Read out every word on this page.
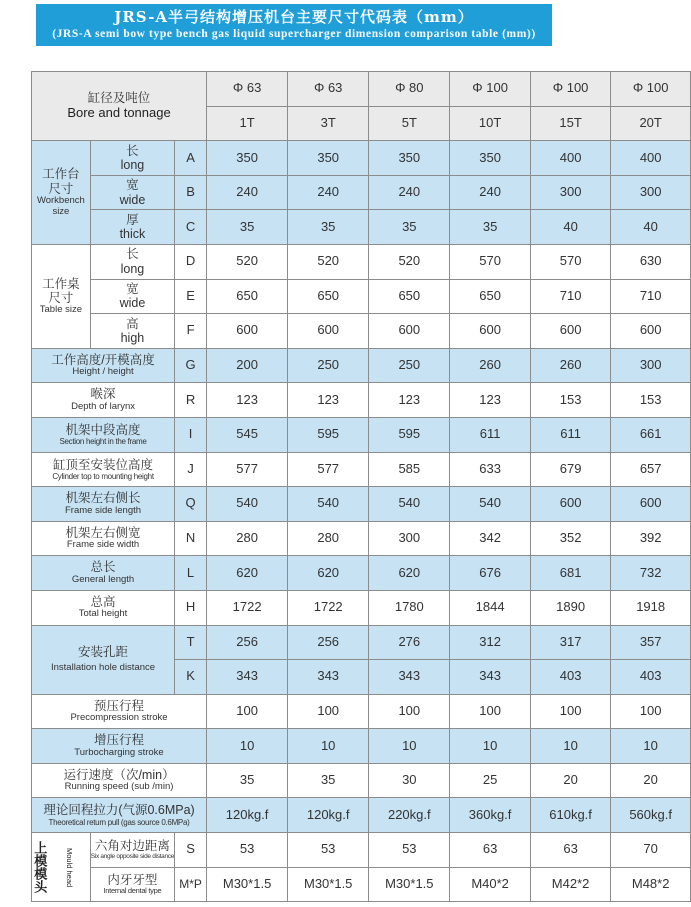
JRS-A半弓结构增压机台主要尺寸代码表（mm）
(JRS-A semi bow type bench gas liquid supercharger dimension comparison table (mm))
缸径及吨位
Bore and tonnage			Φ 63	Φ 63	Φ 80	Φ 100	Φ 100	Φ 100
			1T	3T	5T	10T	15T	20T

工作台
尺寸
Workbench
size	长
long	A	350	350	350	350	400	400

	宽
wide	B	240	240	240	240	300	300

	厚
thick	C	35	35	35	35	40	40

工作桌
尺寸
Table size	长
long	D	520	520	520	570	570	630

	宽
wide	E	650	650	650	650	710	710

	高
high	F	600	600	600	600	600	600

工作高度/开模高度
Height / height		G	200	250	250	260	260	300

喉深
Depth of larynx		R	123	123	123	123	153	153

机架中段高度
Section height in the frame		I	545	595	595	611	611	661

缸顶至安装位高度
Cylinder top to mounting height		J	577	577	585	633	679	657

机架左右侧长
Frame side length		Q	540	540	540	540	600	600

机架左右侧宽
Frame side width		N	280	280	300	342	352	392

总长
General length		L	620	620	620	676	681	732

总高
Total height		H	1722	1722	1780	1844	1890	1918

安装孔距
Installation hole distance		T	256	256	276	312	317	357
		K	343	343	343	343	403	403

预压行程
Precompression stroke			100	100	100	100	100	100

增压行程
Turbocharging stroke			10	10	10	10	10	10

运行速度（次/min）
Running speed (sub /min)			35	35	30	25	20	20

理论回程拉力(气源0.6MPa)
Theoretical return pull (gas source 0.6MPa)			120kg.f	120kg.f	220kg.f	360kg.f	610kg.f	560kg.f

上模模头 Mould head	六角对边距离
Six angle opposite side distance	S	53	53	53	63	63	70

	内牙牙型
Internal dental type	M*P	M30*1.5	M30*1.5	M30*1.5	M40*2	M42*2	M48*2
